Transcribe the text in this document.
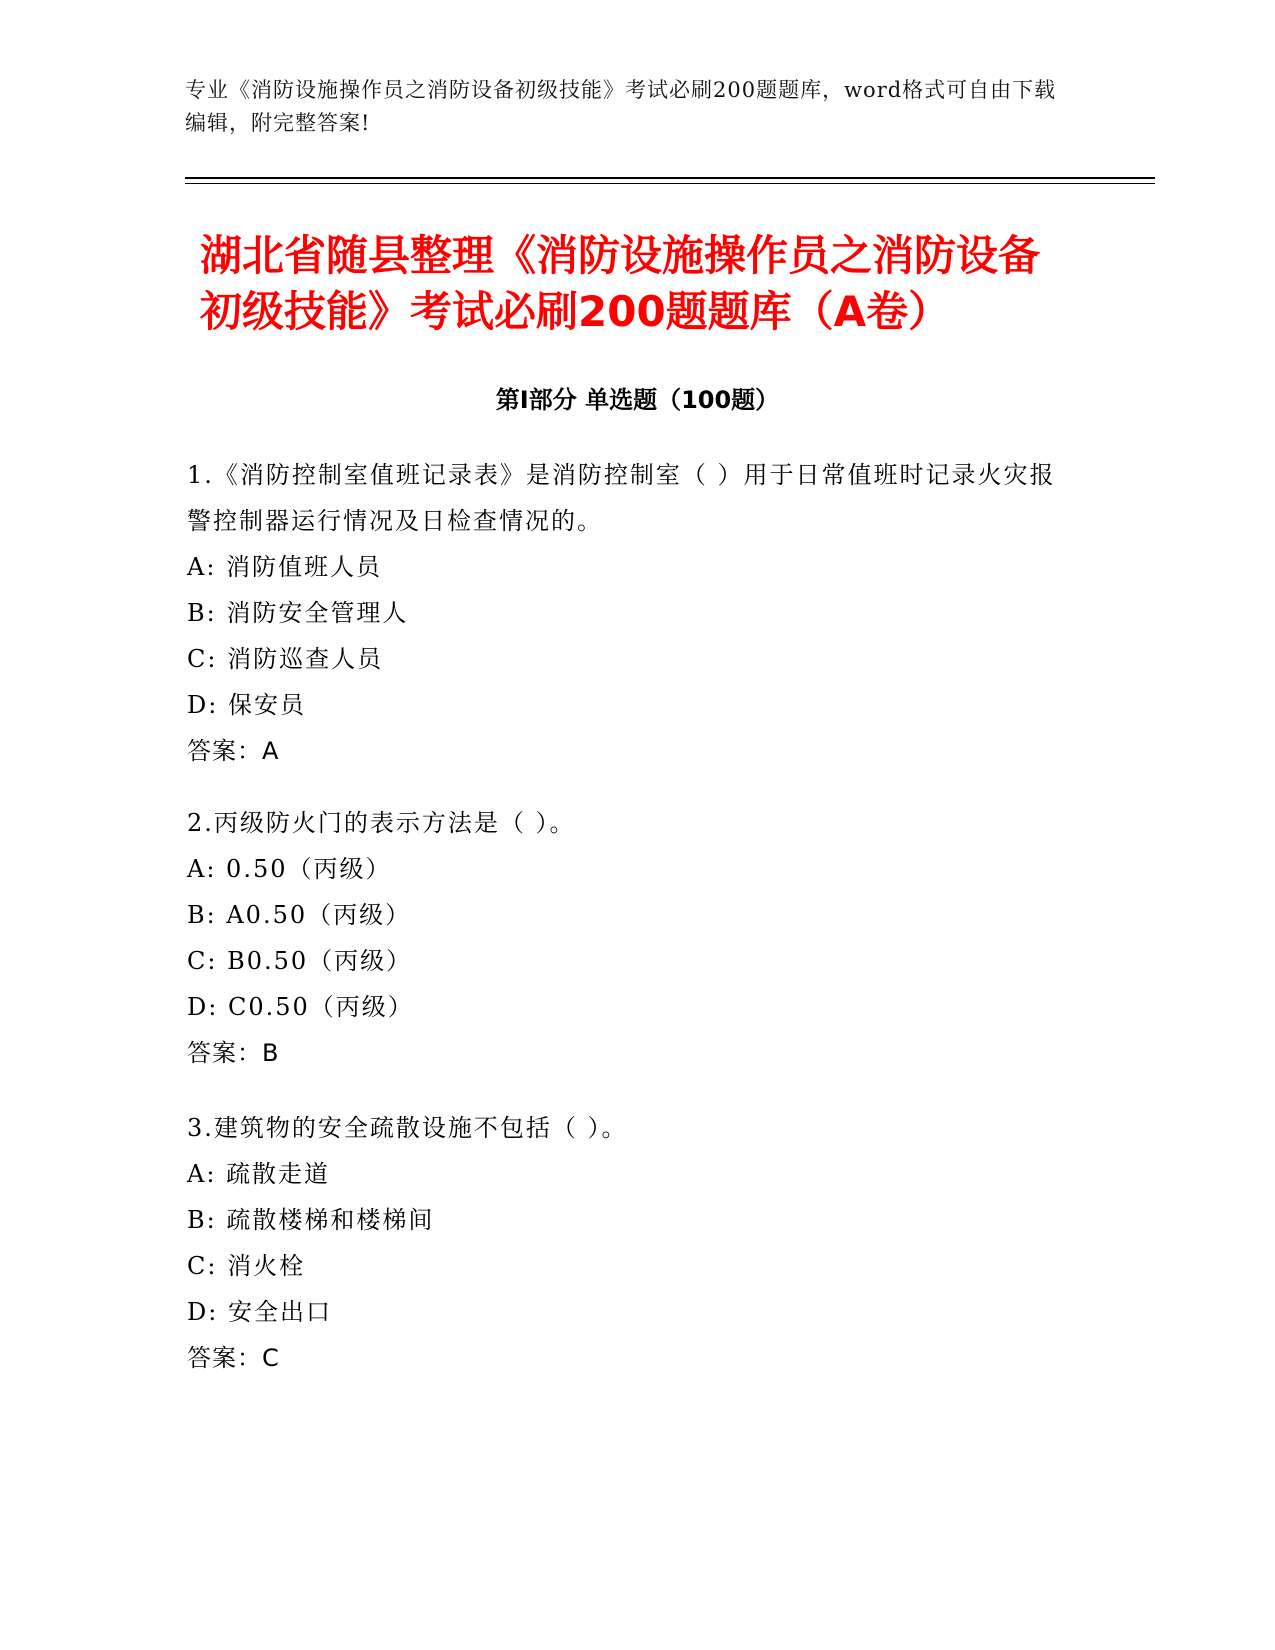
专业《消防设施操作员之消防设备初级技能》考试必刷200题题库，word格式可自由下载编辑，附完整答案!
湖北省随县整理《消防设施操作员之消防设备初级技能》考试必刷200题题库（A卷）
第Ⅰ部分 单选题（100题）
1.《消防控制室值班记录表》是消防控制室（ ）用于日常值班时记录火灾报警控制器运行情况及日检查情况的。
A: 消防值班人员
B: 消防安全管理人
C: 消防巡查人员
D: 保安员
答案：A
2.丙级防火门的表示方法是（ ）。
A: 0.50（丙级）
B: A0.50（丙级）
C: B0.50（丙级）
D: C0.50（丙级）
答案：B
3.建筑物的安全疏散设施不包括（ ）。
A: 疏散走道
B: 疏散楼梯和楼梯间
C: 消火栓
D: 安全出口
答案：C
